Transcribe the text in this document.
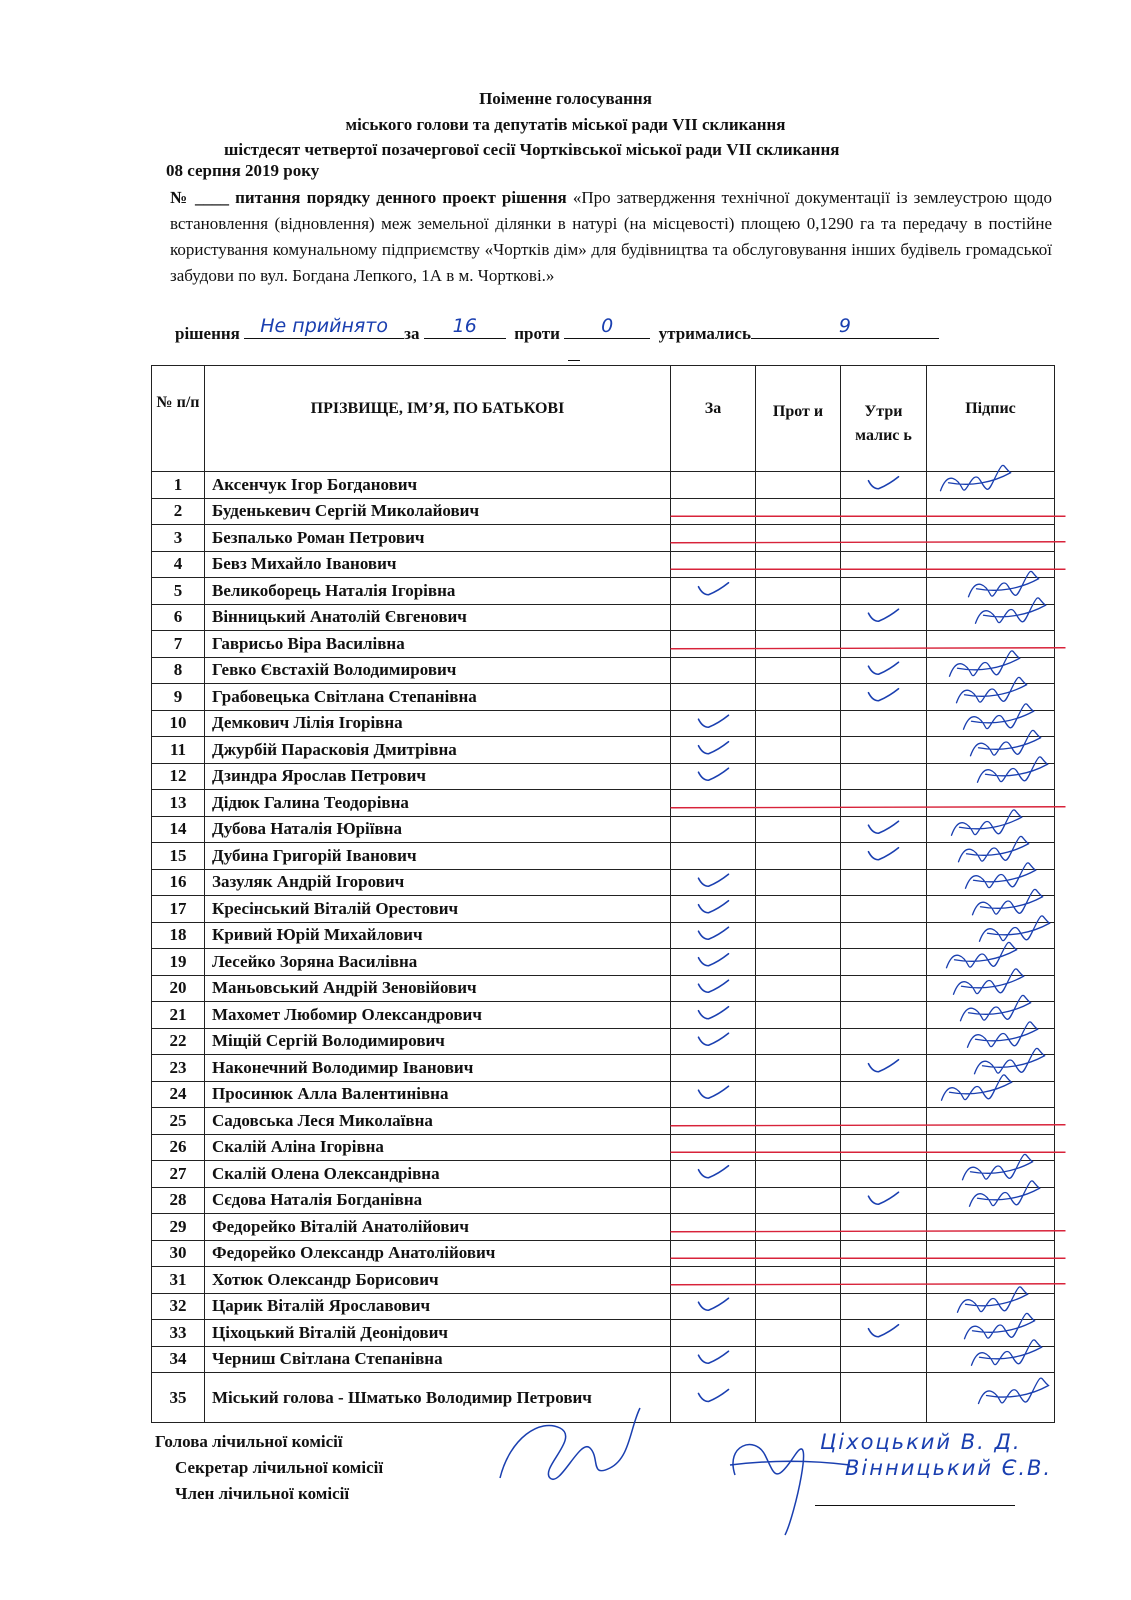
Поіменне голосування
міського голови та депутатів міської ради VІІ скликання
шістдесят четвертої позачергової сесії Чортківської міської ради VІІ скликання
08 серпня 2019 року
№ ____ питання порядку денного проект рішення «Про затвердження технічної документації із землеустрою щодо встановлення (відновлення) меж земельної ділянки в натурі (на місцевості) площею 0,1290 га та передачу в постійне користування комунальному підприємству «Чортків дім» для будівництва та обслуговування інших будівель громадської забудови по вул. Богдана Лепкого, 1А в м. Чорткові.»
рішення	Не прийнято за	16	проти	0	утримались	9
№ п/п	ПРІЗВИЩЕ, ІМ’Я, ПО БАТЬКОВІ	За	Прот и	Утри малис ь	Підпис
1	Аксенчук Ігор Богданович				
2	Буденькевич Сергій Миколайович				
3	Безпалько Роман Петрович				
4	Бевз Михайло Іванович				
5	Великоборець Наталія Ігорівна				
6	Вінницький Анатолій Євгенович				
7	Гаврисьо Віра Василівна				
8	Гевко Євстахій Володимирович				
9	Грабовецька Світлана Степанівна				
10	Демкович Лілія Ігорівна				
11	Джурбій Парасковія Дмитрівна				
12	Дзиндра Ярослав Петрович				
13	Дідюк Галина Теодорівна				
14	Дубова Наталія Юріївна				
15	Дубина Григорій Іванович				
16	Зазуляк Андрій Ігорович				
17	Кресінський Віталій Орестович				
18	Кривий Юрій Михайлович				
19	Лесейко Зоряна Василівна				
20	Маньовський Андрій Зеновійович				
21	Махомет Любомир Олександрович				
22	Міщій Сергій Володимирович				
23	Наконечний Володимир Іванович				
24	Просинюк Алла Валентинівна				
25	Садовська Леся Миколаївна				
26	Скалій Аліна Ігорівна				
27	Скалій Олена Олександрівна				
28	Сєдова Наталія Богданівна				
29	Федорейко Віталій Анатолійович				
30	Федорейко Олександр Анатолійович				
31	Хотюк Олександр Борисович				
32	Царик Віталій Ярославович				
33	Ціхоцький Віталій Деонідович				
34	Черниш Світлана Степанівна				
35	Міський голова - Шматько Володимир Петрович				
Голова лічильної комісії
Секретар лічильної комісії
Член лічильної комісії
Ціхоцький В. Д.
Вінницький Є.В.
